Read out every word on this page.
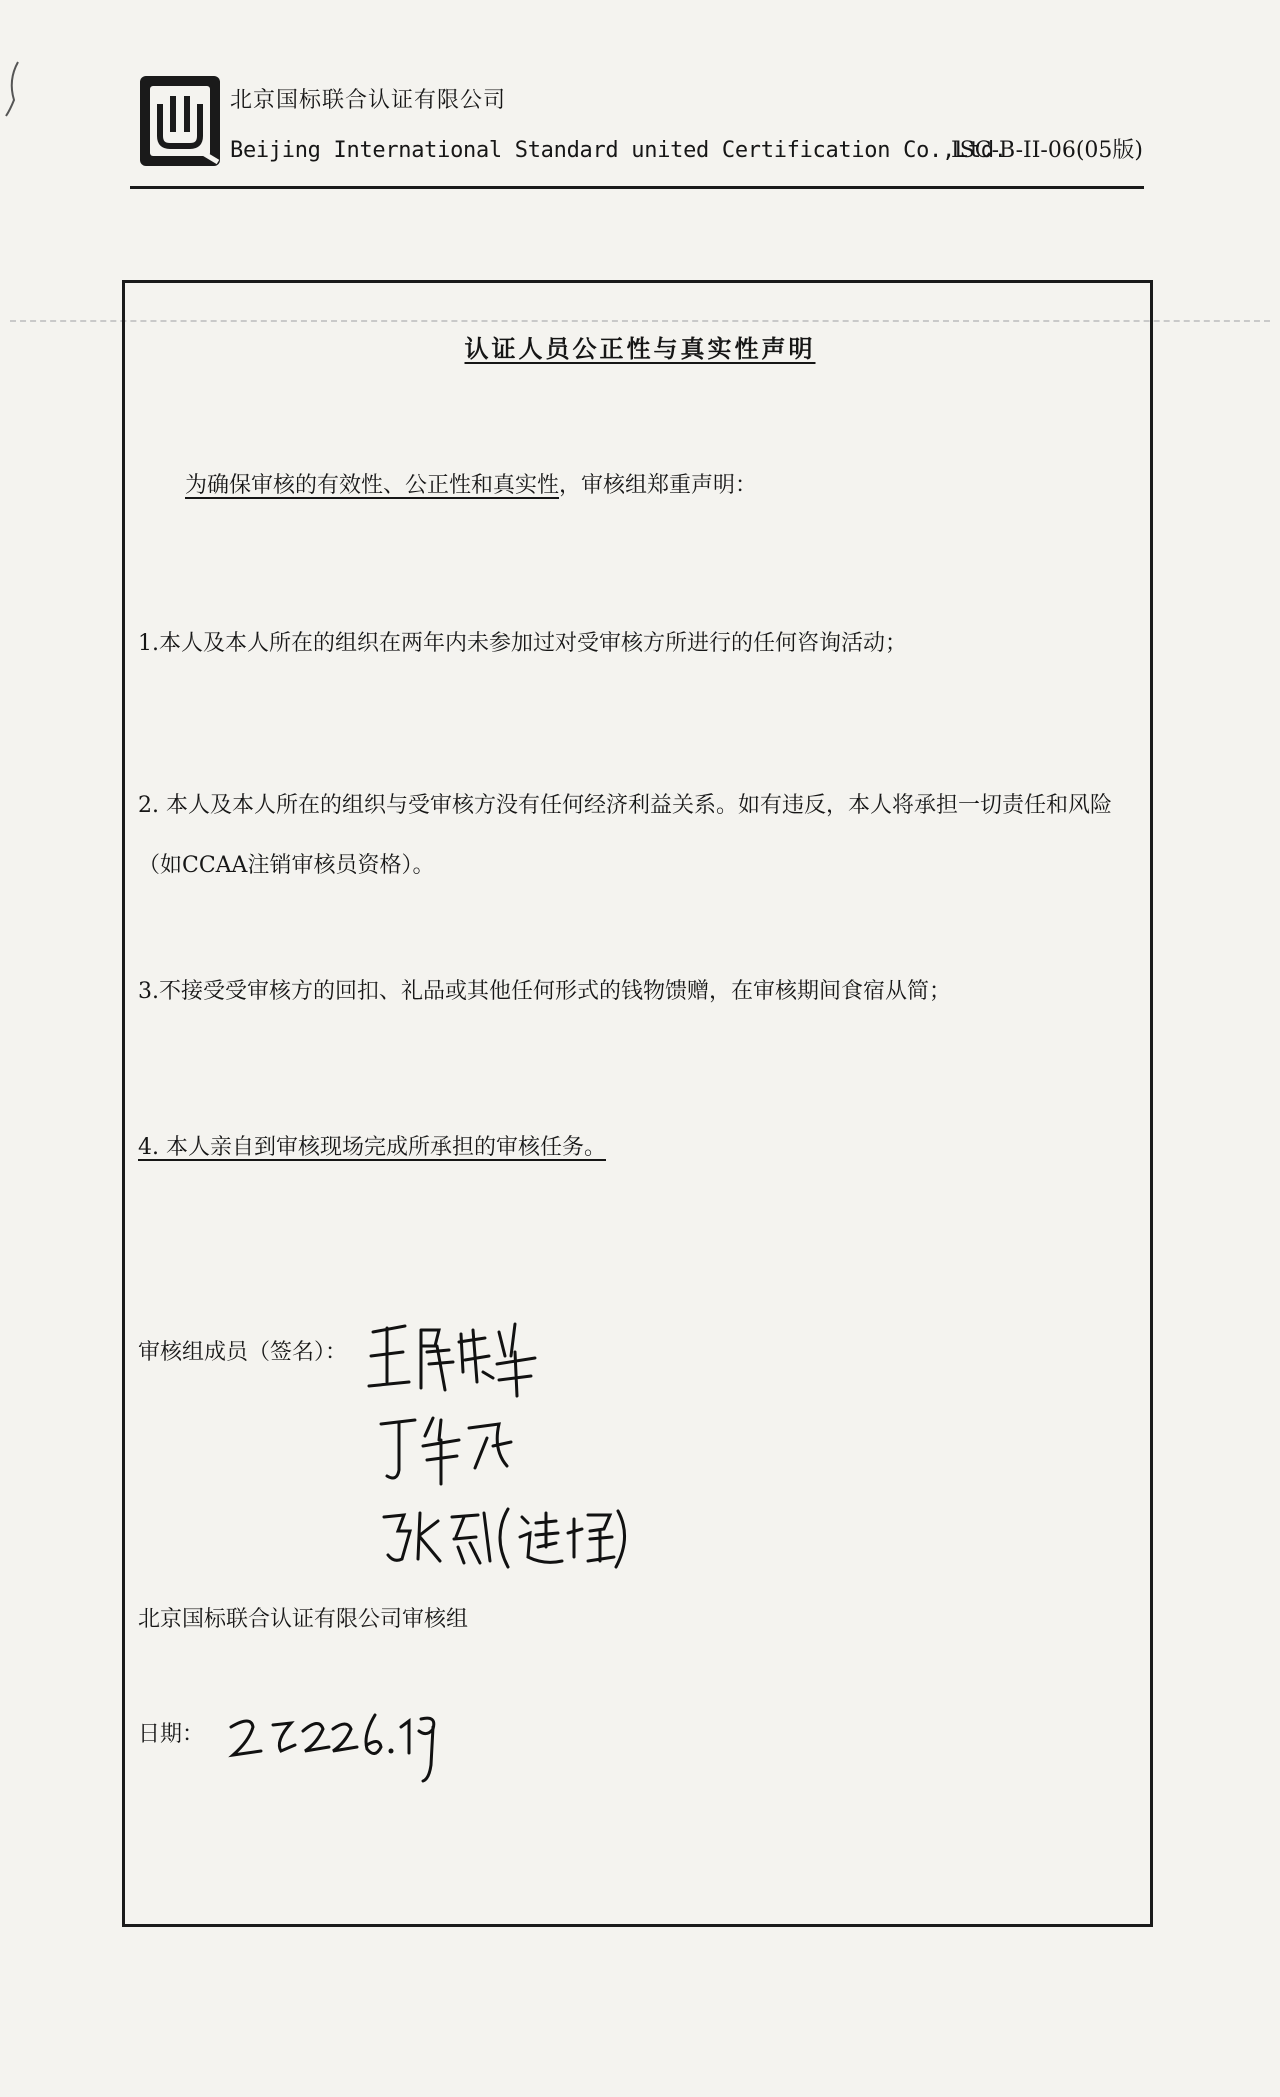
北京国标联合认证有限公司
Beijing International Standard united Certification Co.,Ltd.
ISC-B-II-06(05版)
认证人员公正性与真实性声明
为确保审核的有效性、公正性和真实性，审核组郑重声明：
1.本人及本人所在的组织在两年内未参加过对受审核方所进行的任何咨询活动；
2. 本人及本人所在的组织与受审核方没有任何经济利益关系。如有违反，本人将承担一切责任和风险（如CCAA注销审核员资格）。
3.不接受受审核方的回扣、礼品或其他任何形式的钱物馈赠，在审核期间食宿从简；
4. 本人亲自到审核现场完成所承担的审核任务。
审核组成员（签名）：
北京国标联合认证有限公司审核组
日期：
